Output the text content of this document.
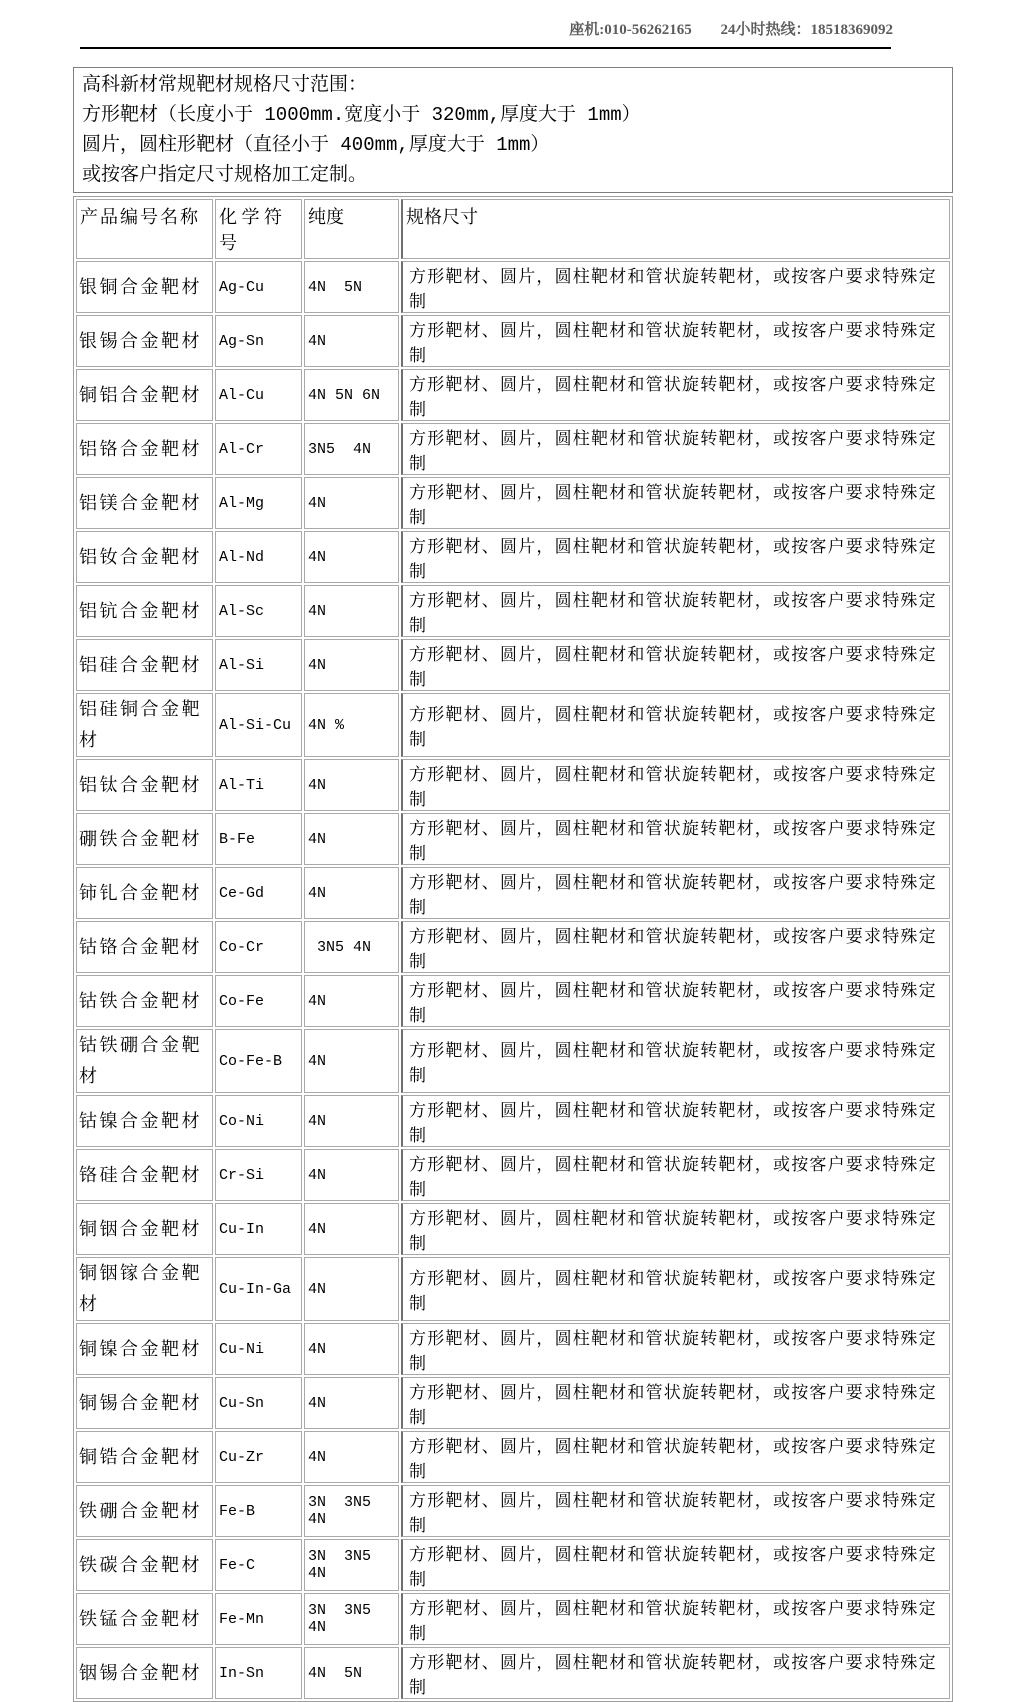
座机:010-56262165 24小时热线：18518369092

高科新材常规靶材规格尺寸范围：

方形靶材（长度小于 1000mm.宽度小于 320mm,厚度大于 1mm）

圆片，圆柱形靶材（直径小于 400mm,厚度大于 1mm）

或按客户指定尺寸规格加工定制。

产品编号名称	化 学 符号	纯度	规格尺寸
银铜合金靶材	Ag-Cu	4N  5N	方形靶材、圆片，圆柱靶材和管状旋转靶材，或按客户要求特殊定制
银锡合金靶材	Ag-Sn	4N	方形靶材、圆片，圆柱靶材和管状旋转靶材，或按客户要求特殊定制
铜铝合金靶材	Al-Cu	4N 5N 6N	方形靶材、圆片，圆柱靶材和管状旋转靶材，或按客户要求特殊定制
铝铬合金靶材	Al-Cr	3N5  4N	方形靶材、圆片，圆柱靶材和管状旋转靶材，或按客户要求特殊定制
铝镁合金靶材	Al-Mg	4N	方形靶材、圆片，圆柱靶材和管状旋转靶材，或按客户要求特殊定制
铝钕合金靶材	Al-Nd	4N	方形靶材、圆片，圆柱靶材和管状旋转靶材，或按客户要求特殊定制
铝钪合金靶材	Al-Sc	4N	方形靶材、圆片，圆柱靶材和管状旋转靶材，或按客户要求特殊定制
铝硅合金靶材	Al-Si	4N	方形靶材、圆片，圆柱靶材和管状旋转靶材，或按客户要求特殊定制
铝硅铜合金靶材	Al-Si-Cu	4N %	方形靶材、圆片，圆柱靶材和管状旋转靶材，或按客户要求特殊定制
铝钛合金靶材	Al-Ti	4N	方形靶材、圆片，圆柱靶材和管状旋转靶材，或按客户要求特殊定制
硼铁合金靶材	B-Fe	4N	方形靶材、圆片，圆柱靶材和管状旋转靶材，或按客户要求特殊定制
铈钆合金靶材	Ce-Gd	4N	方形靶材、圆片，圆柱靶材和管状旋转靶材，或按客户要求特殊定制
钴铬合金靶材	Co-Cr	3N5 4N	方形靶材、圆片，圆柱靶材和管状旋转靶材，或按客户要求特殊定制
钴铁合金靶材	Co-Fe	4N	方形靶材、圆片，圆柱靶材和管状旋转靶材，或按客户要求特殊定制
钴铁硼合金靶材	Co-Fe-B	4N	方形靶材、圆片，圆柱靶材和管状旋转靶材，或按客户要求特殊定制
钴镍合金靶材	Co-Ni	4N	方形靶材、圆片，圆柱靶材和管状旋转靶材，或按客户要求特殊定制
铬硅合金靶材	Cr-Si	4N	方形靶材、圆片，圆柱靶材和管状旋转靶材，或按客户要求特殊定制
铜铟合金靶材	Cu-In	4N	方形靶材、圆片，圆柱靶材和管状旋转靶材，或按客户要求特殊定制
铜铟镓合金靶材	Cu-In-Ga	4N	方形靶材、圆片，圆柱靶材和管状旋转靶材，或按客户要求特殊定制
铜镍合金靶材	Cu-Ni	4N	方形靶材、圆片，圆柱靶材和管状旋转靶材，或按客户要求特殊定制
铜锡合金靶材	Cu-Sn	4N	方形靶材、圆片，圆柱靶材和管状旋转靶材，或按客户要求特殊定制
铜锆合金靶材	Cu-Zr	4N	方形靶材、圆片，圆柱靶材和管状旋转靶材，或按客户要求特殊定制
铁硼合金靶材	Fe-B	3N  3N5 4N	方形靶材、圆片，圆柱靶材和管状旋转靶材，或按客户要求特殊定制
铁碳合金靶材	Fe-C	3N  3N5 4N	方形靶材、圆片，圆柱靶材和管状旋转靶材，或按客户要求特殊定制
铁锰合金靶材	Fe-Mn	3N  3N5 4N	方形靶材、圆片，圆柱靶材和管状旋转靶材，或按客户要求特殊定制
铟锡合金靶材	In-Sn	4N  5N	方形靶材、圆片，圆柱靶材和管状旋转靶材，或按客户要求特殊定制
